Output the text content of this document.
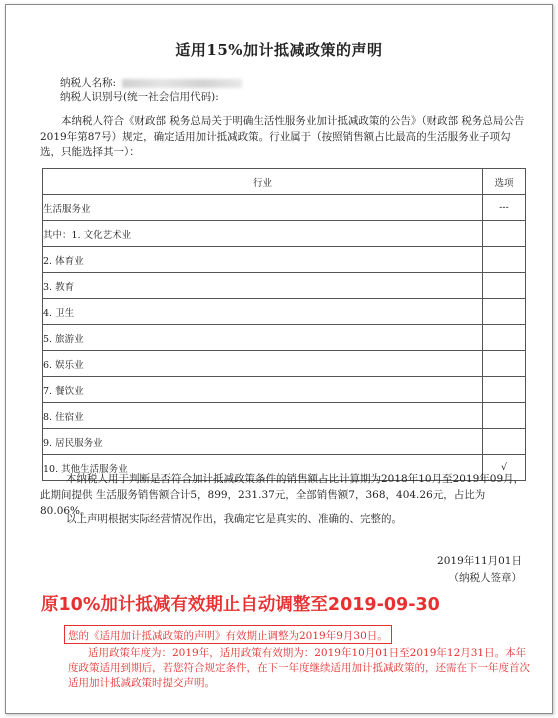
适用15%加计抵减政策的声明
纳税人名称:
纳税人识别号(统一社会信用代码):
本纳税人符合《财政部 税务总局关于明确生活性服务业加计抵减政策的公告》（财政部 税务总局公告2019年第87号）规定，确定适用加计抵减政策。行业属于（按照销售额占比最高的生活服务业子项勾选，只能选择其一）：
行业	选项
生活服务业	---
其中：1. 文化艺术业	
2. 体育业	
3. 教育	
4. 卫生	
5. 旅游业	
6. 娱乐业	
7. 餐饮业	
8. 住宿业	
9. 居民服务业	
10. 其他生活服务业	√
本纳税人用于判断是否符合加计抵减政策条件的销售额占比计算期为2018年10月至2019年09月，此期间提供 生活服务销售额合计5，899，231.37元，全部销售额7，368，404.26元，占比为 80.06%。
以上声明根据实际经营情况作出，我确定它是真实的、准确的、完整的。
2019年11月01日
（纳税人签章）
原10%加计抵减有效期止自动调整至2019-09-30
您的《适用加计抵减政策的声明》有效期止调整为2019年9月30日。
适用政策年度为：2019年，适用政策有效期为：2019年10月01日至2019年12月31日。本年度政策适用到期后，若您符合规定条件，在下一年度继续适用加计抵减政策的，还需在下一年度首次适用加计抵减政策时提交声明。
